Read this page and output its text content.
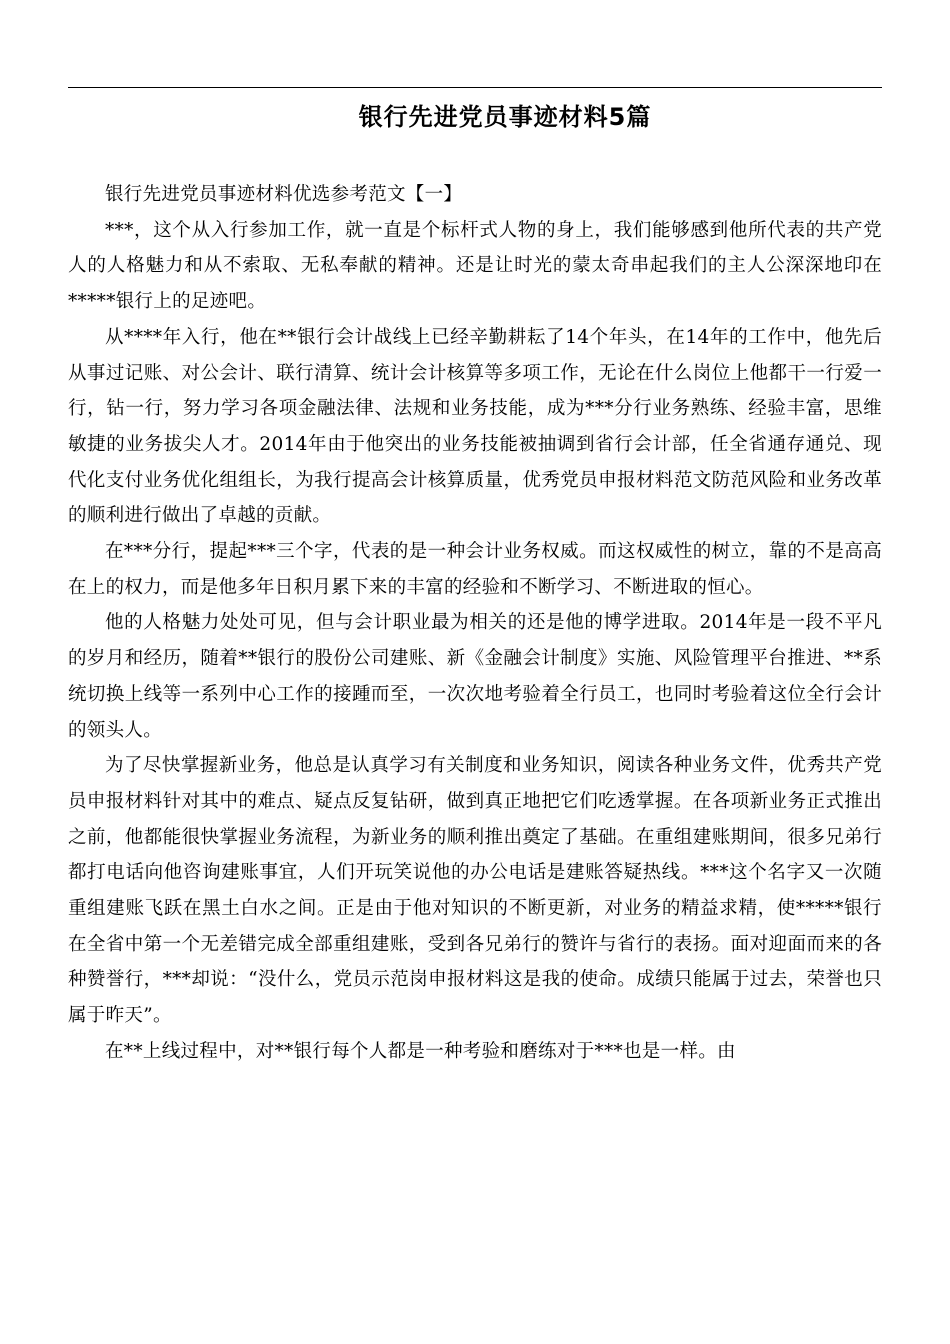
银行先进党员事迹材料5篇

银行先进党员事迹材料优选参考范文【一】

***，这个从入行参加工作，就一直是个标杆式人物的身上，我们能够感到他所代表的共产党人的人格魅力和从不索取、无私奉献的精神。还是让时光的蒙太奇串起我们的主人公深深地印在*****银行上的足迹吧。

从****年入行，他在**银行会计战线上已经辛勤耕耘了14个年头，在14年的工作中，他先后从事过记账、对公会计、联行清算、统计会计核算等多项工作，无论在什么岗位上他都干一行爱一行，钻一行，努力学习各项金融法律、法规和业务技能，成为***分行业务熟练、经验丰富，思维敏捷的业务拔尖人才。2014年由于他突出的业务技能被抽调到省行会计部，任全省通存通兑、现代化支付业务优化组组长，为我行提高会计核算质量，优秀党员申报材料范文防范风险和业务改革的顺利进行做出了卓越的贡献。

在***分行，提起***三个字，代表的是一种会计业务权威。而这权威性的树立，靠的不是高高在上的权力，而是他多年日积月累下来的丰富的经验和不断学习、不断进取的恒心。

他的人格魅力处处可见，但与会计职业最为相关的还是他的博学进取。2014年是一段不平凡的岁月和经历，随着**银行的股份公司建账、新《金融会计制度》实施、风险管理平台推进、**系统切换上线等一系列中心工作的接踵而至，一次次地考验着全行员工，也同时考验着这位全行会计的领头人。

为了尽快掌握新业务，他总是认真学习有关制度和业务知识，阅读各种业务文件，优秀共产党员申报材料针对其中的难点、疑点反复钻研，做到真正地把它们吃透掌握。在各项新业务正式推出之前，他都能很快掌握业务流程，为新业务的顺利推出奠定了基础。在重组建账期间，很多兄弟行都打电话向他咨询建账事宜，人们开玩笑说他的办公电话是建账答疑热线。***这个名字又一次随重组建账飞跃在黑土白水之间。正是由于他对知识的不断更新，对业务的精益求精，使*****银行在全省中第一个无差错完成全部重组建账，受到各兄弟行的赞许与省行的表扬。面对迎面而来的各种赞誉行，***却说：“没什么，党员示范岗申报材料这是我的使命。成绩只能属于过去，荣誉也只属于昨天”。

在**上线过程中，对**银行每个人都是一种考验和磨练对于***也是一样。由
